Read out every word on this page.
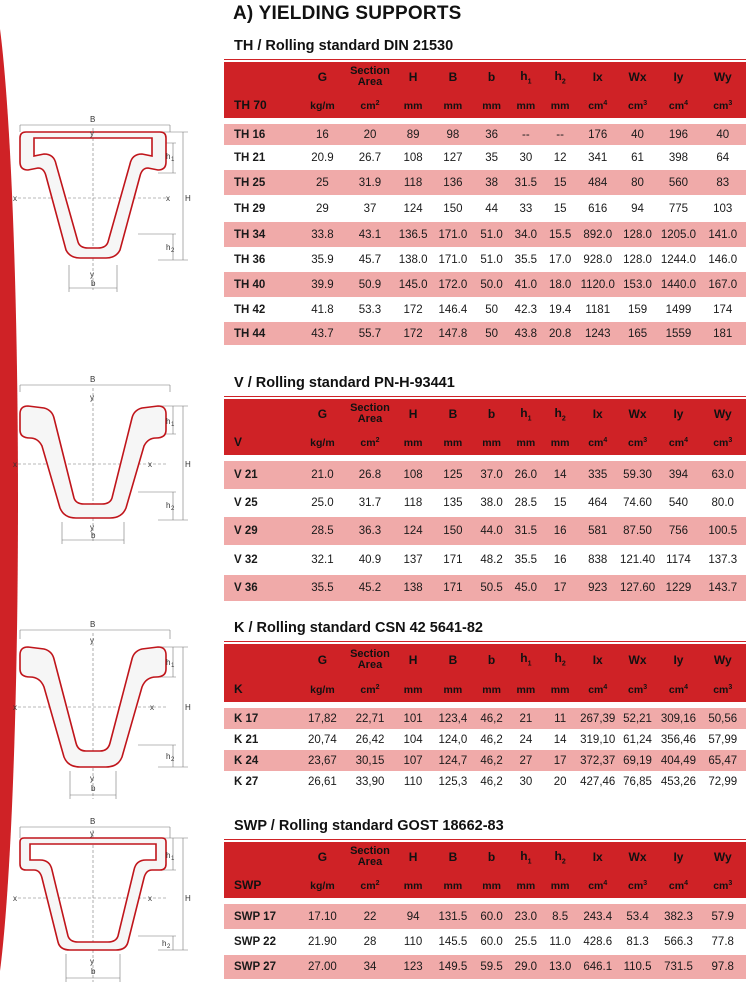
A) YIELDING SUPPORTS
TH / Rolling standard DIN 21530
	G	Section
Area	H	B	b	$h_1$	$h_2$	Ix	Wx	Iy	Wy
TH 70	kg/m	$cm^2$	mm	mm	mm	mm	mm	$cm^4$	$cm^3$	$cm^4$	$cm^3$

TH 16	16	20	89	98	36	--	--	176	40	196	40
TH 21	20.9	26.7	108	127	35	30	12	341	61	398	64
TH 25	25	31.9	118	136	38	31.5	15	484	80	560	83
TH 29	29	37	124	150	44	33	15	616	94	775	103
TH 34	33.8	43.1	136.5	171.0	51.0	34.0	15.5	892.0	128.0	1205.0	141.0
TH 36	35.9	45.7	138.0	171.0	51.0	35.5	17.0	928.0	128.0	1244.0	146.0
TH 40	39.9	50.9	145.0	172.0	50.0	41.0	18.0	1120.0	153.0	1440.0	167.0
TH 42	41.8	53.3	172	146.4	50	42.3	19.4	1181	159	1499	174
TH 44	43.7	55.7	172	147.8	50	43.8	20.8	1243	165	1559	181
V / Rolling standard PN-H-93441
	G	Section
Area	H	B	b	$h_1$	$h_2$	Ix	Wx	Iy	Wy
V	kg/m	$cm^2$	mm	mm	mm	mm	mm	$cm^4$	$cm^3$	$cm^4$	$cm^3$

V 21	21.0	26.8	108	125	37.0	26.0	14	335	59.30	394	63.0
V 25	25.0	31.7	118	135	38.0	28.5	15	464	74.60	540	80.0
V 29	28.5	36.3	124	150	44.0	31.5	16	581	87.50	756	100.5
V 32	32.1	40.9	137	171	48.2	35.5	16	838	121.40	1174	137.3
V 36	35.5	45.2	138	171	50.5	45.0	17	923	127.60	1229	143.7
K / Rolling standard CSN 42 5641-82
	G	Section
Area	H	B	b	$h_1$	$h_2$	Ix	Wx	Iy	Wy
K	kg/m	$cm^2$	mm	mm	mm	mm	mm	$cm^4$	$cm^3$	$cm^4$	$cm^3$

K 17	17,82	22,71	101	123,4	46,2	21	11	267,39	52,21	309,16	50,56
K 21	20,74	26,42	104	124,0	46,2	24	14	319,10	61,24	356,46	57,99
K 24	23,67	30,15	107	124,7	46,2	27	17	372,37	69,19	404,49	65,47
K 27	26,61	33,90	110	125,3	46,2	30	20	427,46	76,85	453,26	72,99
SWP / Rolling standard GOST 18662-83
	G	Section
Area	H	B	b	$h_1$	$h_2$	Ix	Wx	Iy	Wy
SWP	kg/m	$cm^2$	mm	mm	mm	mm	mm	$cm^4$	$cm^3$	$cm^4$	$cm^3$

SWP 17	17.10	22	94	131.5	60.0	23.0	8.5	243.4	53.4	382.3	57.9
SWP 22	21.90	28	110	145.5	60.0	25.5	11.0	428.6	81.3	566.3	77.8
SWP 27	27.00	34	123	149.5	59.5	29.0	13.0	646.1	110.5	731.5	97.8
B
y
x	x H
h 1
h 2
y
b
B
y
x	x	H
h 1
h 2
y
b
B
y
x	x	H
h 1
h 2
y
b
B
y
x	x	H
h 1
h 2
y
b
